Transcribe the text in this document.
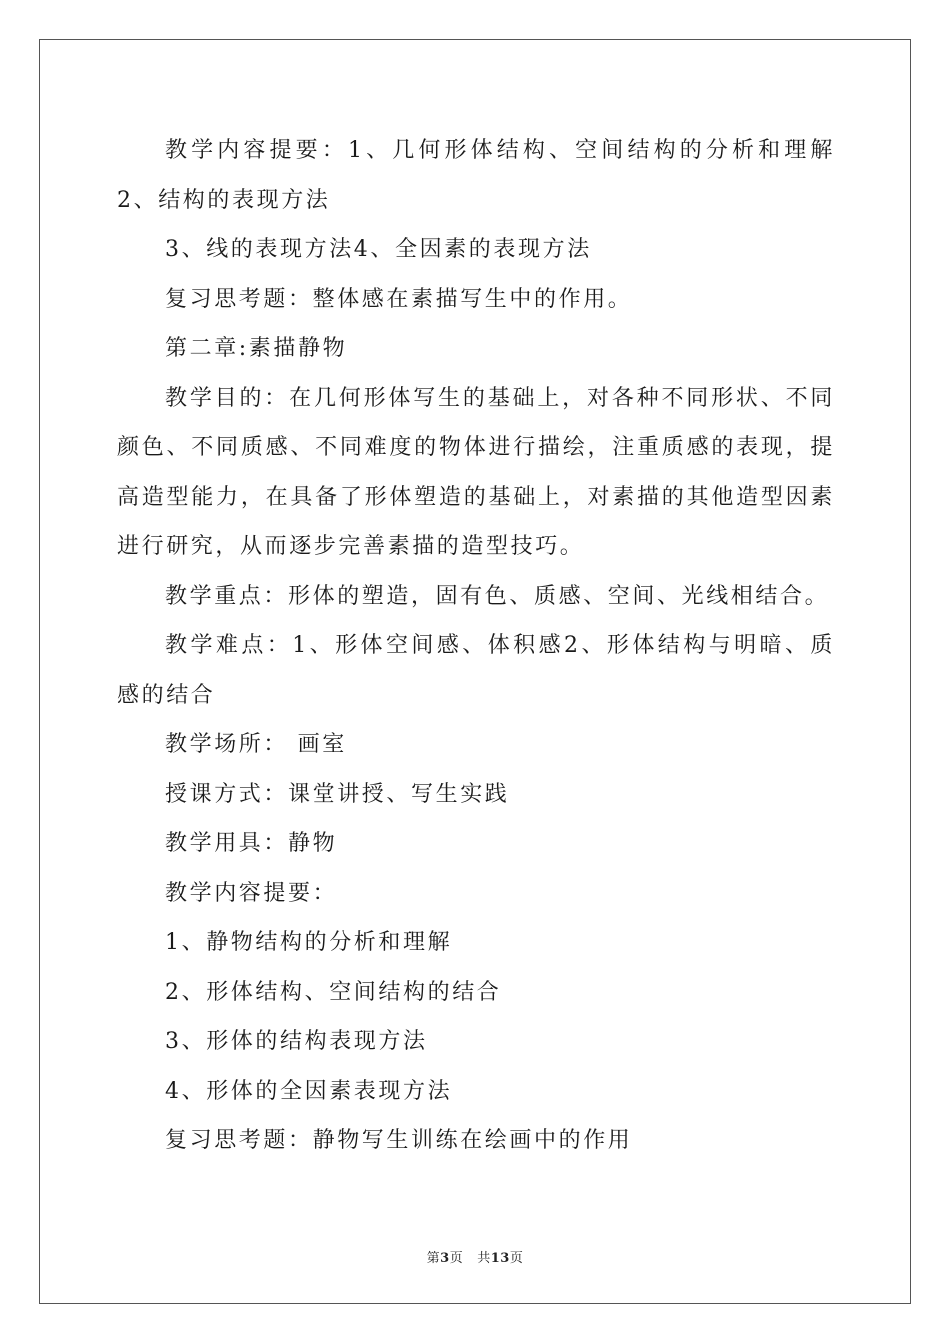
教学内容提要：1、几何形体结构、空间结构的分析和理解 2、结构的表现方法

3、线的表现方法4、全因素的表现方法

复习思考题：整体感在素描写生中的作用。

第二章:素描静物

教学目的：在几何形体写生的基础上，对各种不同形状、不同颜色、不同质感、不同难度的物体进行描绘，注重质感的表现，提高造型能力，在具备了形体塑造的基础上，对素描的其他造型因素进行研究，从而逐步完善素描的造型技巧。

教学重点：形体的塑造，固有色、质感、空间、光线相结合。

教学难点：1、形体空间感、体积感2、形体结构与明暗、质感的结合

教学场所： 画室

授课方式：课堂讲授、写生实践

教学用具：静物

教学内容提要：

1、静物结构的分析和理解

2、形体结构、空间结构的结合

3、形体的结构表现方法

4、形体的全因素表现方法

复习思考题：静物写生训练在绘画中的作用

第3页 共13页
